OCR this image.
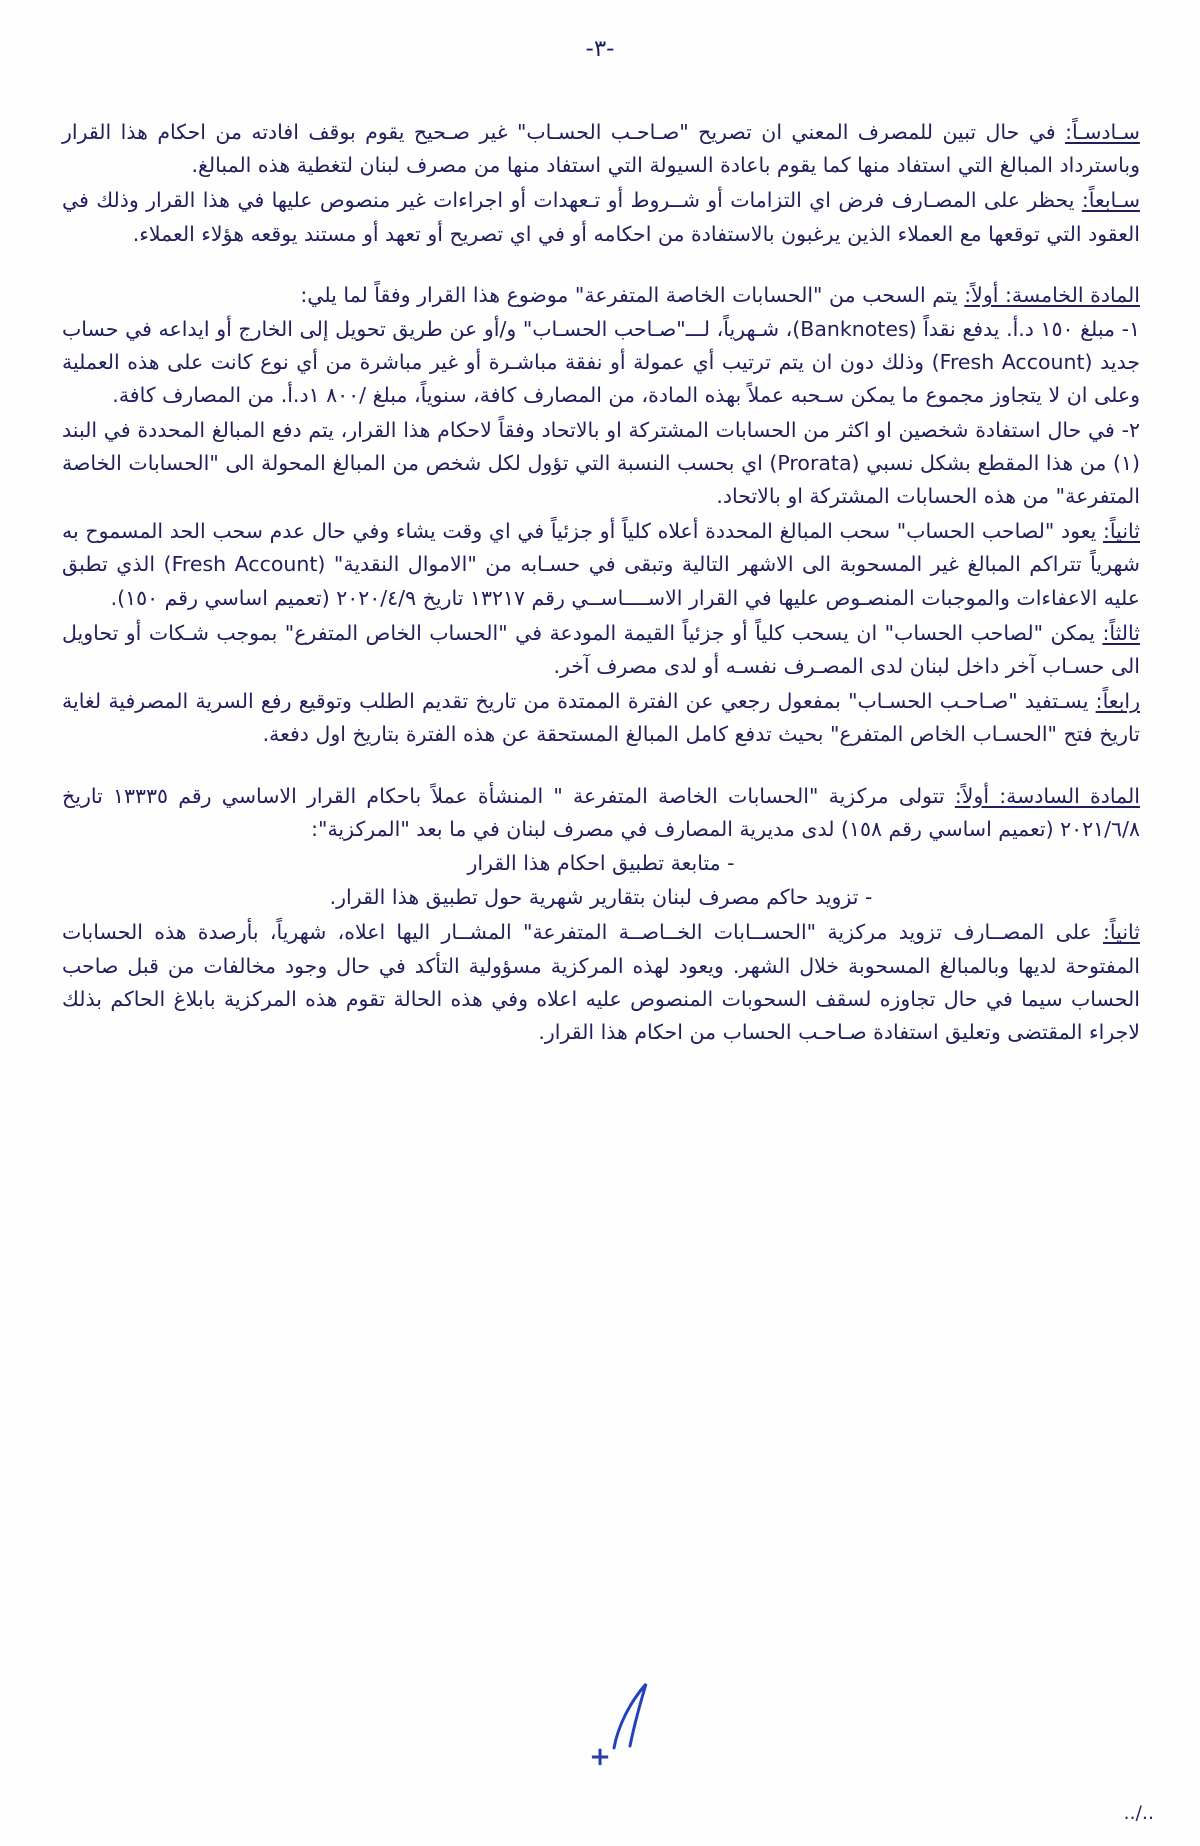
-٣-

سـادسـاً: في حال تبين للمصرف المعني ان تصريح "صـاحـب الحسـاب" غير صـحيح يقوم بوقف افادته من احكام هذا القرار وباسترداد المبالغ التي استفاد منها كما يقوم باعادة السيولة التي استفاد منها من مصرف لبنان لتغطية هذه المبالغ.

سـابعاً: يحظر على المصـارف فرض اي التزامات أو شــروط أو تـعهدات أو اجراءات غير منصوص عليها في هذا القرار وذلك في العقود التي توقعها مع العملاء الذين يرغبون بالاستفادة من احكامه أو في اي تصريح أو تعهد أو مستند يوقعه هؤلاء العملاء.

المادة الخامسة: أولاً: يتم السحب من "الحسابات الخاصة المتفرعة" موضوع هذا القرار وفقاً لما يلي:

١- مبلغ ١٥٠ د.أ. يدفع نقداً (Banknotes)، شـهرياً، لـــ"صـاحب الحسـاب" و/أو عن طريق تحويل إلى الخارج أو ايداعه في حساب جديد (Fresh Account) وذلك دون ان يتم ترتيب أي عمولة أو نفقة مباشـرة أو غير مباشرة من أي نوع كانت على هذه العملية وعلى ان لا يتجاوز مجموع ما يمكن سـحبه عملاً بهذه المادة، من المصارف كافة، سنوياً، مبلغ /٨٠٠ ١د.أ. من المصارف كافة.

٢- في حال استفادة شخصين او اكثر من الحسابات المشتركة او بالاتحاد وفقاً لاحكام هذا القرار، يتم دفع المبالغ المحددة في البند (١) من هذا المقطع بشكل نسبي (Prorata) اي بحسب النسبة التي تؤول لكل شخص من المبالغ المحولة الى "الحسابات الخاصة المتفرعة" من هذه الحسابات المشتركة او بالاتحاد.

ثانياً: يعود "لصاحب الحساب" سحب المبالغ المحددة أعلاه كلياً أو جزئياً في اي وقت يشاء وفي حال عدم سحب الحد المسموح به شهرياً تتراكم المبالغ غير المسحوبة الى الاشهر التالية وتبقى في حسـابه من "الاموال النقدية" (Fresh Account) الذي تطبق عليه الاعفاءات والموجبات المنصـوص عليها في القرار الاســــاســي رقم ١٣٢١٧ تاريخ ٢٠٢٠/٤/٩ (تعميم اساسي رقم ١٥٠).

ثالثاً: يمكن "لصاحب الحساب" ان يسحب كلياً أو جزئياً القيمة المودعة في "الحساب الخاص المتفرع" بموجب شـكات أو تحاويل الى حسـاب آخر داخل لبنان لدى المصـرف نفسـه أو لدى مصرف آخر.

رابعاً: يسـتفيد "صـاحـب الحسـاب" بمفعول رجعي عن الفترة الممتدة من تاريخ تقديم الطلب وتوقيع رفع السرية المصرفية لغاية تاريخ فتح "الحسـاب الخاص المتفرع" بحيث تدفع كامل المبالغ المستحقة عن هذه الفترة بتاريخ اول دفعة.

المادة السادسة: أولاً: تتولى مركزية "الحسابات الخاصة المتفرعة " المنشأة عملاً باحكام القرار الاساسي رقم ١٣٣٣٥ تاريخ ٢٠٢١/٦/٨ (تعميم اساسي رقم ١٥٨) لدى مديرية المصارف في مصرف لبنان في ما بعد "المركزية":

- متابعة تطبيق احكام هذا القرار

- تزويد حاكم مصرف لبنان بتقارير شهرية حول تطبيق هذا القرار.

ثانياً: على المصــارف تزويد مركزية "الحســابات الخــاصــة المتفرعة" المشــار اليها اعلاه، شهرياً، بأرصدة هذه الحسابات المفتوحة لديها وبالمبالغ المسحوبة خلال الشهر. ويعود لهذه المركزية مسؤولية التأكد في حال وجود مخالفات من قبل صاحب الحساب سيما في حال تجاوزه لسقف السحوبات المنصوص عليه اعلاه وفي هذه الحالة تقوم هذه المركزية بابلاغ الحاكم بذلك لاجراء المقتضى وتعليق استفادة صـاحـب الحساب من احكام هذا القرار.

+
../..
